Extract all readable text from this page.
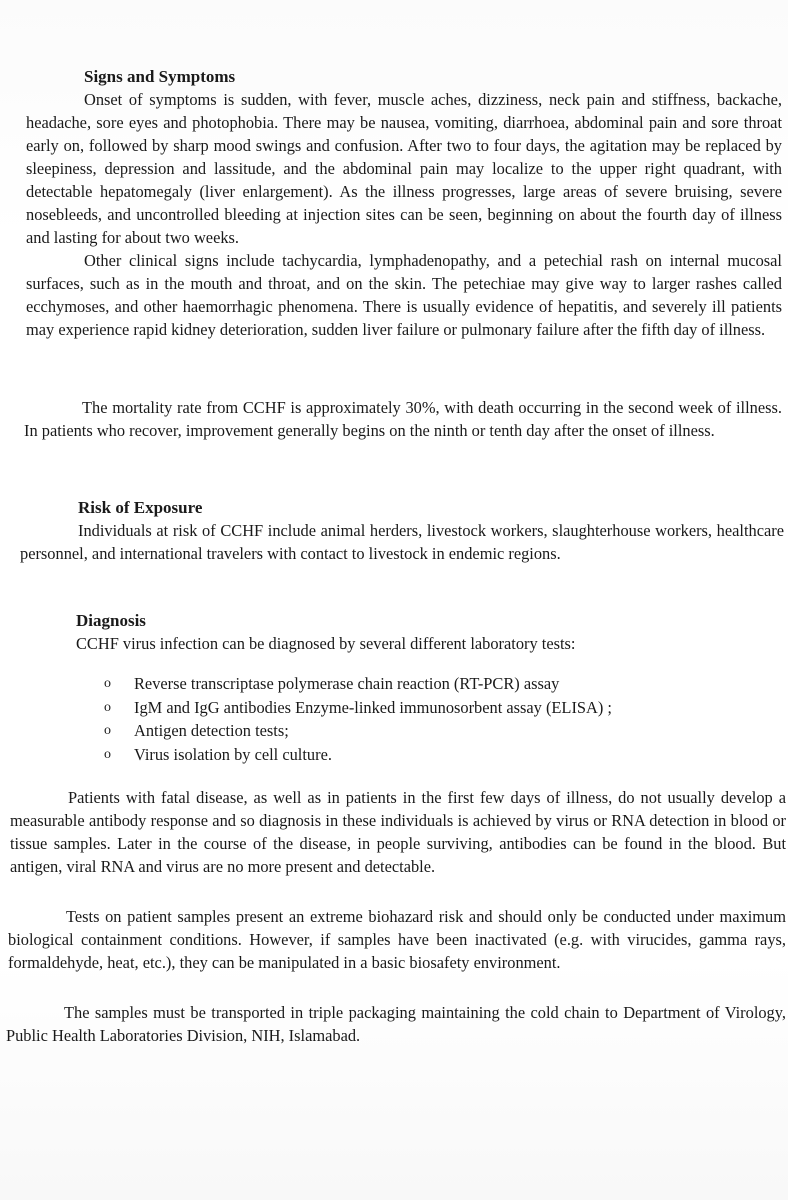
Signs and Symptoms

Onset of symptoms is sudden, with fever, muscle aches, dizziness, neck pain and stiffness, backache, headache, sore eyes and photophobia. There may be nausea, vomiting, diarrhoea, abdominal pain and sore throat early on, followed by sharp mood swings and confusion. After two to four days, the agitation may be replaced by sleepiness, depression and lassitude, and the abdominal pain may localize to the upper right quadrant, with detectable hepatomegaly (liver enlargement). As the illness progresses, large areas of severe bruising, severe nosebleeds, and uncontrolled bleeding at injection sites can be seen, beginning on about the fourth day of illness and lasting for about two weeks.

Other clinical signs include tachycardia, lymphadenopathy, and a petechial rash on internal mucosal surfaces, such as in the mouth and throat, and on the skin. The petechiae may give way to larger rashes called ecchymoses, and other haemorrhagic phenomena. There is usually evidence of hepatitis, and severely ill patients may experience rapid kidney deterioration, sudden liver failure or pulmonary failure after the fifth day of illness.

The mortality rate from CCHF is approximately 30%, with death occurring in the second week of illness. In patients who recover, improvement generally begins on the ninth or tenth day after the onset of illness.

Risk of Exposure

Individuals at risk of CCHF include animal herders, livestock workers, slaughterhouse workers, healthcare personnel, and international travelers with contact to livestock in endemic regions.

Diagnosis

CCHF virus infection can be diagnosed by several different laboratory tests:

o Reverse transcriptase polymerase chain reaction (RT-PCR) assay
o IgM and IgG antibodies Enzyme-linked immunosorbent assay (ELISA) ;
o Antigen detection tests;
o Virus isolation by cell culture.

Patients with fatal disease, as well as in patients in the first few days of illness, do not usually develop a measurable antibody response and so diagnosis in these individuals is achieved by virus or RNA detection in blood or tissue samples. Later in the course of the disease, in people surviving, antibodies can be found in the blood. But antigen, viral RNA and virus are no more present and detectable.

Tests on patient samples present an extreme biohazard risk and should only be conducted under maximum biological containment conditions. However, if samples have been inactivated (e.g. with virucides, gamma rays, formaldehyde, heat, etc.), they can be manipulated in a basic biosafety environment.

The samples must be transported in triple packaging maintaining the cold chain to Department of Virology, Public Health Laboratories Division, NIH, Islamabad.
